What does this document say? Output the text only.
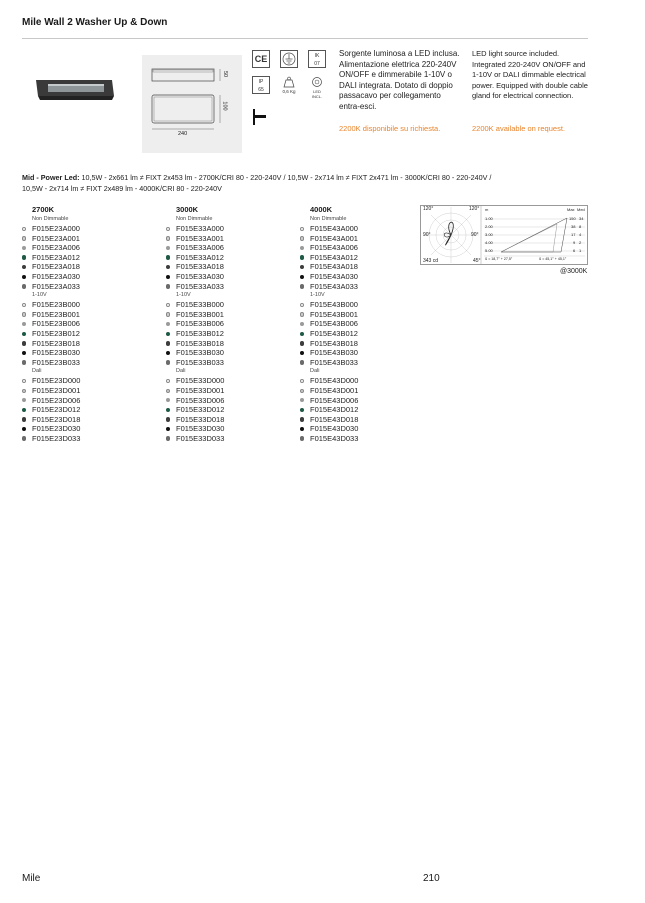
Mile Wall 2 Washer Up & Down
50
100
240
CE	IK
07
IP
65	0,6 Kg	LED INCL.
Sorgente luminosa a LED inclusa. Alimentazione elettrica 220-240V ON/OFF e dimmerabile 1-10V o DALI integrata. Dotato di doppio passacavo per collegamento entra-esci.
LED light source included. Integrated 220-240V ON/OFF and 1-10V or DALI dimmable electrical power. Equipped with double cable gland for electrical connection.
2200K disponibile su richiesta.	2200K available on request.
Mid - Power Led: 10,5W - 2x661 lm ≠ FIXT 2x453 lm - 2700K/CRI 80 - 220-240V / 10,5W - 2x714 lm ≠ FIXT 2x471 lm - 3000K/CRI 80 - 220-240V /
10,5W - 2x714 lm ≠ FIXT 2x489 lm - 4000K/CRI 80 - 220-240V
2700K
Non Dimmable
F015E23A000
F015E23A001
F015E23A006
F015E23A012
F015E23A018
F015E23A030
F015E23A033
1-10V
F015E23B000
F015E23B001
F015E23B006
F015E23B012
F015E23B018
F015E23B030
F015E23B033
Dali
F015E23D000
F015E23D001
F015E23D006
F015E23D012
F015E23D018
F015E23D030
F015E23D033
3000K
Non Dimmable
F015E33A000
F015E33A001
F015E33A006
F015E33A012
F015E33A018
F015E33A030
F015E33A033
1-10V
F015E33B000
F015E33B001
F015E33B006
F015E33B012
F015E33B018
F015E33B030
F015E33B033
Dali
F015E33D000
F015E33D001
F015E33D006
F015E33D012
F015E33D018
F015E33D030
F015E33D033
4000K
Non Dimmable
F015E43A000
F015E43A001
F015E43A006
F015E43A012
F015E43A018
F015E43A030
F015E43A033
1-10V
F015E43B000
F015E43B001
F015E43B006
F015E43B012
F015E43B018
F015E43B030
F015E43B033
Dali
F015E43D000
F015E43D001
F015E43D006
F015E43D012
F015E43D018
F015E43D030
F015E43D033
120°	120°
90°	90°
343 cd	45°
m	Max Med
1.00	150 34
2.00	38 8
3.00	17 4
4.00	9 2
5.00	6 1
ß = 18,7° + 27,5°	ß = 45,1° + 45,1°
@3000K
Mile	210
